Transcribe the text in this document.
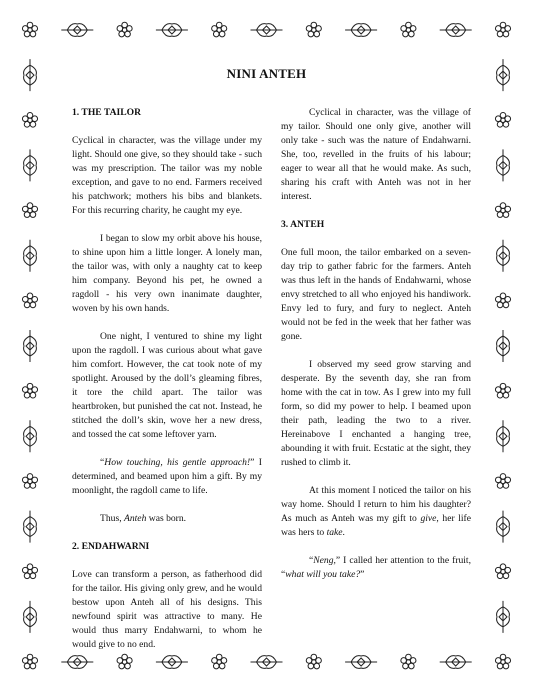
NINI ANTEH
1. THE TAILOR

Cyclical in character, was the village under my light. Should one give, so they should take - such was my prescription. The tailor was my noble exception, and gave to no end. Farmers received his patchwork; mothers his bibs and blankets. For this recurring charity, he caught my eye.

I began to slow my orbit above his house, to shine upon him a little longer. A lonely man, the tailor was, with only a naughty cat to keep him company. Beyond his pet, he owned a ragdoll - his very own inanimate daughter, woven by his own hands.

One night, I ventured to shine my light upon the ragdoll. I was curious about what gave him comfort. However, the cat took note of my spotlight. Aroused by the doll’s gleaming fibres, it tore the child apart. The tailor was heartbroken, but punished the cat not. Instead, he stitched the doll’s skin, wove her a new dress, and tossed the cat some leftover yarn.

“How touching, his gentle approach!” I determined, and beamed upon him a gift. By my moonlight, the ragdoll came to life.

Thus, Anteh was born.

2. ENDAHWARNI

Love can transform a person, as fatherhood did for the tailor. His giving only grew, and he would bestow upon Anteh all of his designs. This newfound spirit was attractive to many. He would thus marry Endahwarni, to whom he would give to no end.

Cyclical in character, was the village of my tailor. Should one only give, another will only take - such was the nature of Endahwarni. She, too, revelled in the fruits of his labour; eager to wear all that he would make. As such, sharing his craft with Anteh was not in her interest.

3. ANTEH

One full moon, the tailor embarked on a seven-day trip to gather fabric for the farmers. Anteh was thus left in the hands of Endahwarni, whose envy stretched to all who enjoyed his handiwork. Envy led to fury, and fury to neglect. Anteh would not be fed in the week that her father was gone.

I observed my seed grow starving and desperate. By the seventh day, she ran from home with the cat in tow. As I grew into my full form, so did my power to help. I beamed upon their path, leading the two to a river. Hereinabove I enchanted a hanging tree, abounding it with fruit. Ecstatic at the sight, they rushed to climb it.

At this moment I noticed the tailor on his way home. Should I return to him his daughter? As much as Anteh was my gift to give, her life was hers to take.

“Neng,” I called her attention to the fruit, “what will you take?”
